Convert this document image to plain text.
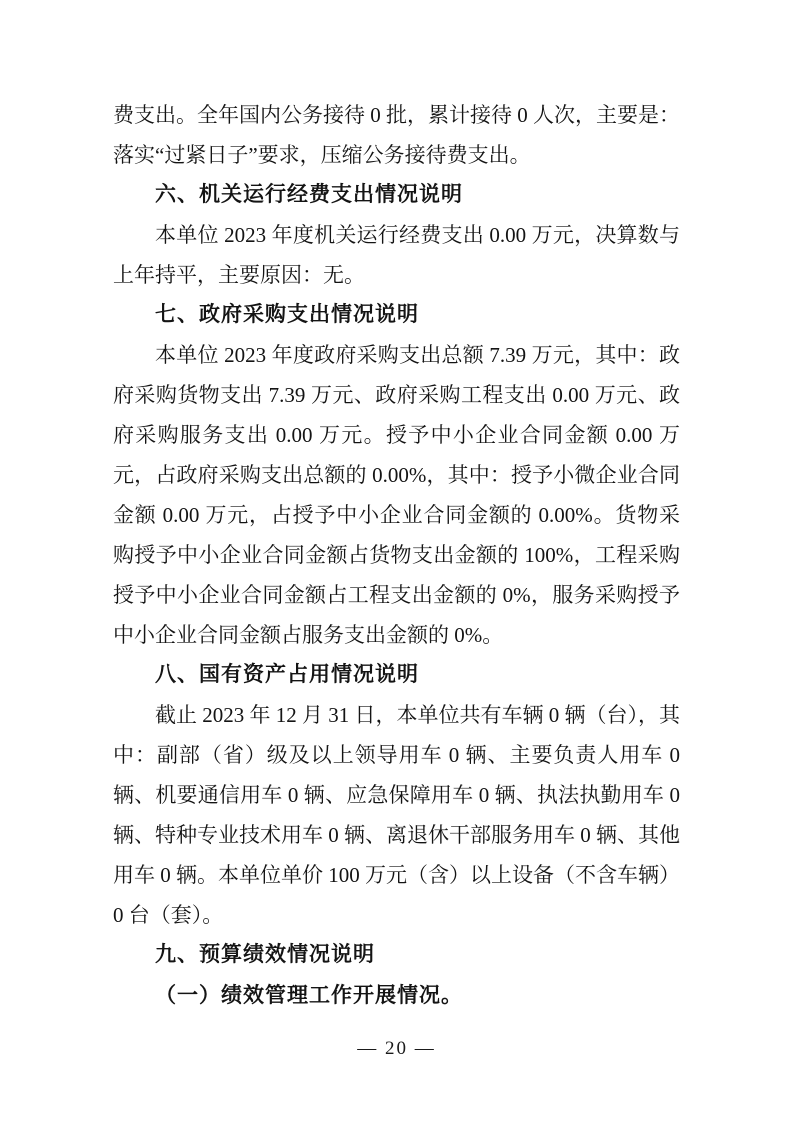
费支出。全年国内公务接待 0 批，累计接待 0 人次，主要是：落实“过紧日子”要求，压缩公务接待费支出。

六、机关运行经费支出情况说明

本单位 2023 年度机关运行经费支出 0.00 万元，决算数与上年持平，主要原因：无。

七、政府采购支出情况说明

本单位 2023 年度政府采购支出总额 7.39 万元，其中：政府采购货物支出 7.39 万元、政府采购工程支出 0.00 万元、政府采购服务支出 0.00 万元。授予中小企业合同金额 0.00 万元，占政府采购支出总额的 0.00%，其中：授予小微企业合同金额 0.00 万元，占授予中小企业合同金额的 0.00%。货物采购授予中小企业合同金额占货物支出金额的 100%，工程采购授予中小企业合同金额占工程支出金额的 0%，服务采购授予中小企业合同金额占服务支出金额的 0%。

八、国有资产占用情况说明

截止 2023 年 12 月 31 日，本单位共有车辆 0 辆（台），其中：副部（省）级及以上领导用车 0 辆、主要负责人用车 0 辆、机要通信用车 0 辆、应急保障用车 0 辆、执法执勤用车 0 辆、特种专业技术用车 0 辆、离退休干部服务用车 0 辆、其他用车 0 辆。本单位单价 100 万元（含）以上设备（不含车辆）0 台（套）。

九、预算绩效情况说明
（一）绩效管理工作开展情况。
— 20 —
